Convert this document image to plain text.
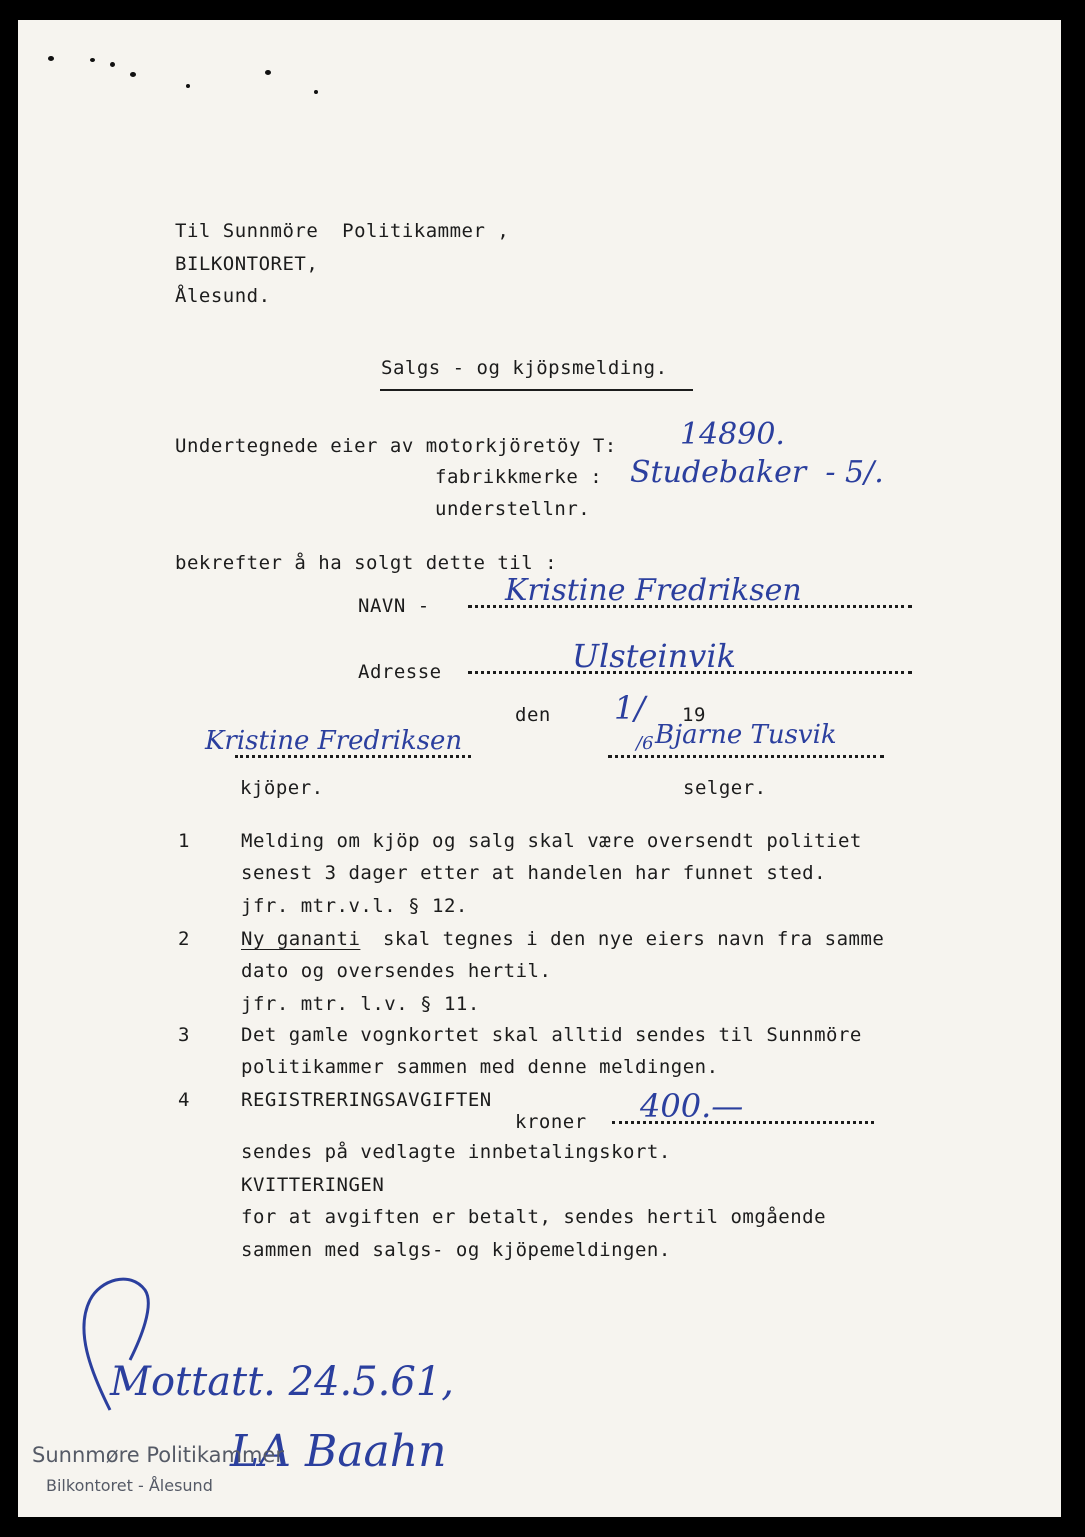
Til Sunnmöre  Politikammer ,
BILKONTORET,
Ålesund.
Salgs - og kjöpsmelding.
Undertegnede eier av motorkjöretöy T: 14890.
fabrikkmerke : Studebaker  - 5/.
understellnr.
bekrefter å ha solgt dette til :
NAVN -	Kristine Fredriksen
Adresse	Ulsteinvik
den 1/ 19
/6
Kristine Fredriksen
kjöper.
Bjarne Tusvik
selger.
1	Melding om kjöp og salg skal være oversendt politiet
senest 3 dager etter at handelen har funnet sted.
jfr. mtr.v.l. § 12.
2	Ny gananti skal tegnes i den nye eiers navn fra samme
dato og oversendes hertil.
jfr. mtr. l.v. § 11.
3	Det gamle vognkortet skal alltid sendes til Sunnmöre
politikammer sammen med denne meldingen.
4	REGISTRERINGSAVGIFTEN
kroner 400.—
sendes på vedlagte innbetalingskort.
KVITTERINGEN
for at avgiften er betalt, sendes hertil omgående
sammen med salgs- og kjöpemeldingen.
Mottatt. 24.5.61,
LA Baahn
Sunnmøre Politikammer
Bilkontoret - Ålesund
